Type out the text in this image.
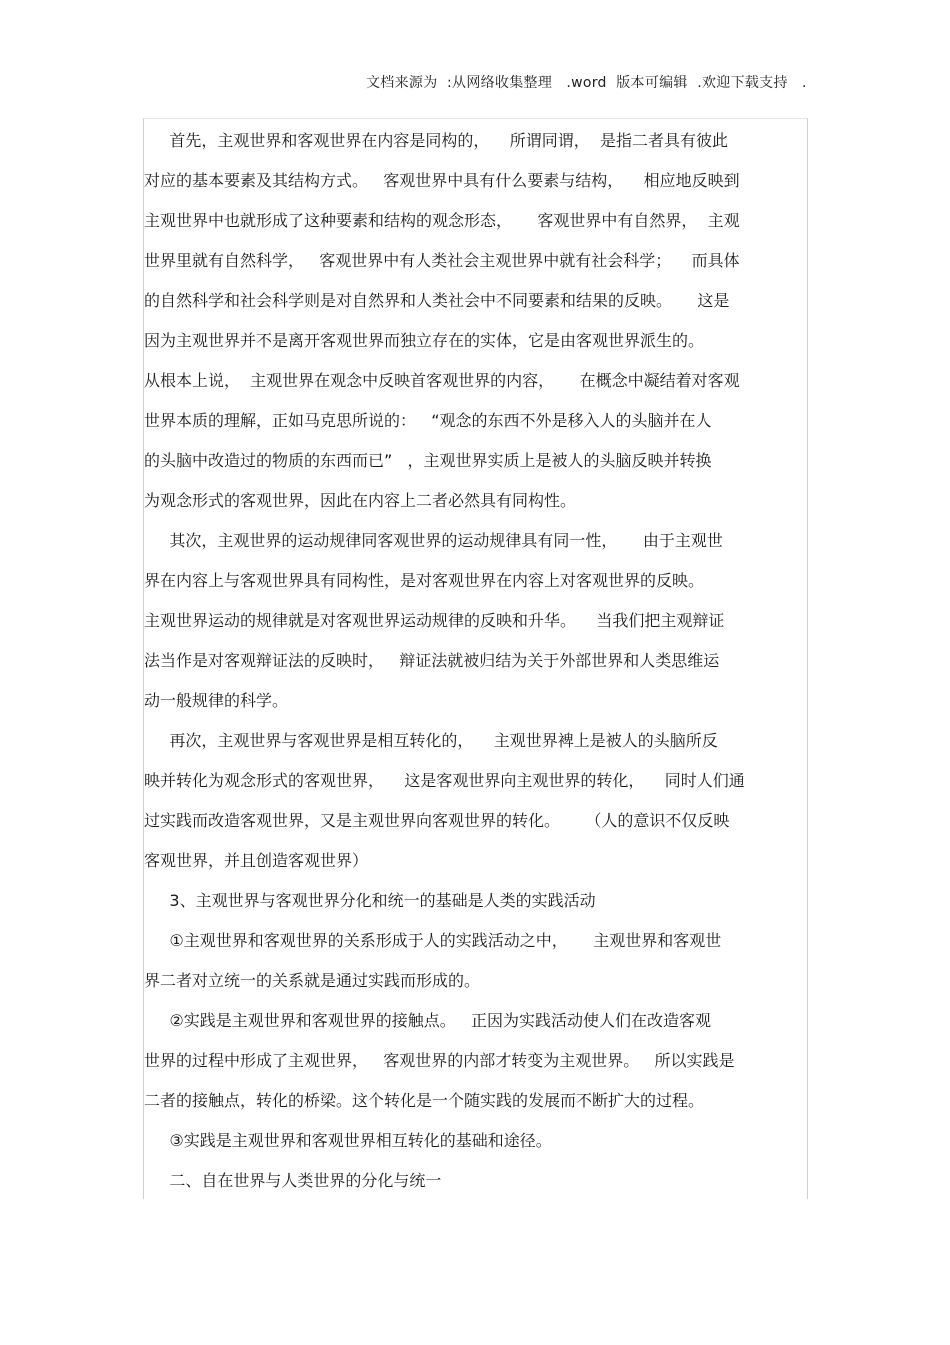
文档来源为  :从网络收集整理   .word  版本可编辑  .欢迎下载支持   .
首先，主观世界和客观世界在内容是同构的，    所谓同谓，  是指二者具有彼此
对应的基本要素及其结构方式。   客观世界中具有什么要素与结构，    相应地反映到
主观世界中也就形成了这种要素和结构的观念形态，     客观世界中有自然界，  主观
世界里就有自然科学，   客观世界中有人类社会主观世界中就有社会科学；    而具体
的自然科学和社会科学则是对自然界和人类社会中不同要素和结果的反映。     这是
因为主观世界并不是离开客观世界而独立存在的实体，它是由客观世界派生的。
从根本上说，  主观世界在观念中反映首客观世界的内容，     在概念中凝结着对客观
世界本质的理解，正如马克思所说的：   “观念的东西不外是移入人的头脑并在人
的头脑中改造过的物质的东西而已”   ，主观世界实质上是被人的头脑反映并转换
为观念形式的客观世界，因此在内容上二者必然具有同构性。
其次，主观世界的运动规律同客观世界的运动规律具有同一性，     由于主观世
界在内容上与客观世界具有同构性，是对客观世界在内容上对客观世界的反映。
主观世界运动的规律就是对客观世界运动规律的反映和升华。    当我们把主观辩证
法当作是对客观辩证法的反映时，   辩证法就被归结为关于外部世界和人类思维运
动一般规律的科学。
再次，主观世界与客观世界是相互转化的，    主观世界裨上是被人的头脑所反
映并转化为观念形式的客观世界，    这是客观世界向主观世界的转化，    同时人们通
过实践而改造客观世界，又是主观世界向客观世界的转化。     （人的意识不仅反映
客观世界，并且创造客观世界）
3、主观世界与客观世界分化和统一的基础是人类的实践活动
①主观世界和客观世界的关系形成于人的实践活动之中，     主观世界和客观世
界二者对立统一的关系就是通过实践而形成的。
②实践是主观世界和客观世界的接触点。   正因为实践活动使人们在改造客观
世界的过程中形成了主观世界，   客观世界的内部才转变为主观世界。   所以实践是
二者的接触点，转化的桥梁。这个转化是一个随实践的发展而不断扩大的过程。
③实践是主观世界和客观世界相互转化的基础和途径。
二、自在世界与人类世界的分化与统一
